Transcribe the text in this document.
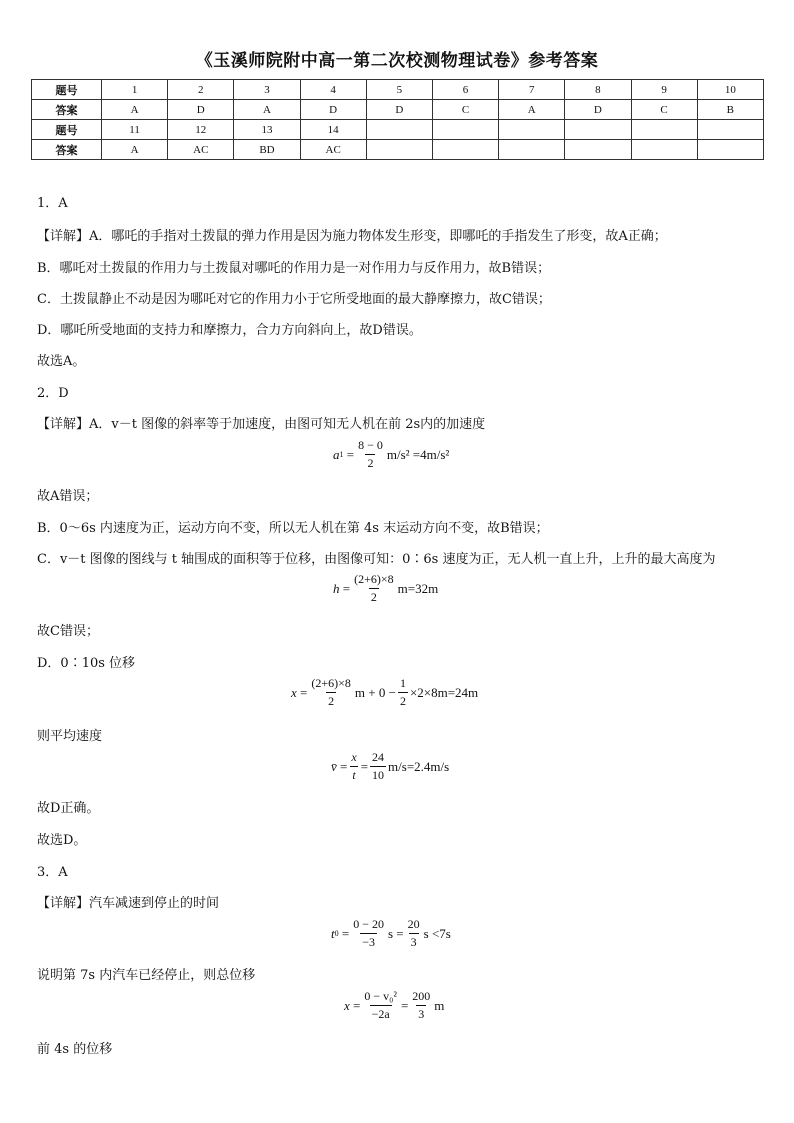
《玉溪师院附中高一第二次校测物理试卷》参考答案
题号	1	2	3	4	5	6	7	8	9	10
答案	A	D	A	D	D	C	A	D	C	B
题号	11	12	13	14						
答案	A	AC	BD	AC						
1．A
【详解】A．哪吒的手指对土拨鼠的弹力作用是因为施力物体发生形变，即哪吒的手指发生了形变，故A正确；
B．哪吒对土拨鼠的作用力与土拨鼠对哪吒的作用力是一对作用力与反作用力，故B错误；
C．土拨鼠静止不动是因为哪吒对它的作用力小于它所受地面的最大静摩擦力，故C错误；
D．哪吒所受地面的支持力和摩擦力，合力方向斜向上，故D错误。
故选A。
2．D
【详解】A．v－t 图像的斜率等于加速度，由图可知无人机在前 2s内的加速度
a $1 = \frac{8 - 0}{2} m/s^2 =4m/s^2$
故A错误；
B．0～6s 内速度为正，运动方向不变，所以无人机在第 4s 末运动方向不变，故B错误；
C．v－t 图像的图线与 t 轴围成的面积等于位移，由图像可知：0∶6s 速度为正，无人机一直上升，上升的最大高度为
$h = \frac{(2+6)\times 8}{2} m=32m$
故C错误；
D．0∶10s 位移
$x = \frac{(2+6)\times 8}{2}$ $m + 0 - \frac{1}{2} \times 2\times 8m=24m$
则平均速度
v̄ = $\frac{x}{t} = \frac{24}{10} m/s=2.4m/s$
故D正确。
故选D。
3．A
【详解】汽车减速到停止的时间
t $0 = \frac{0 - 20}{-3}$ $s = \frac{20}{3}$ s <7s
说明第 7s 内汽车已经停止，则总位移
$x = \frac{\text{0 − v₀²}}{-2a} = \frac{200}{3}$ m
前 4s 的位移
